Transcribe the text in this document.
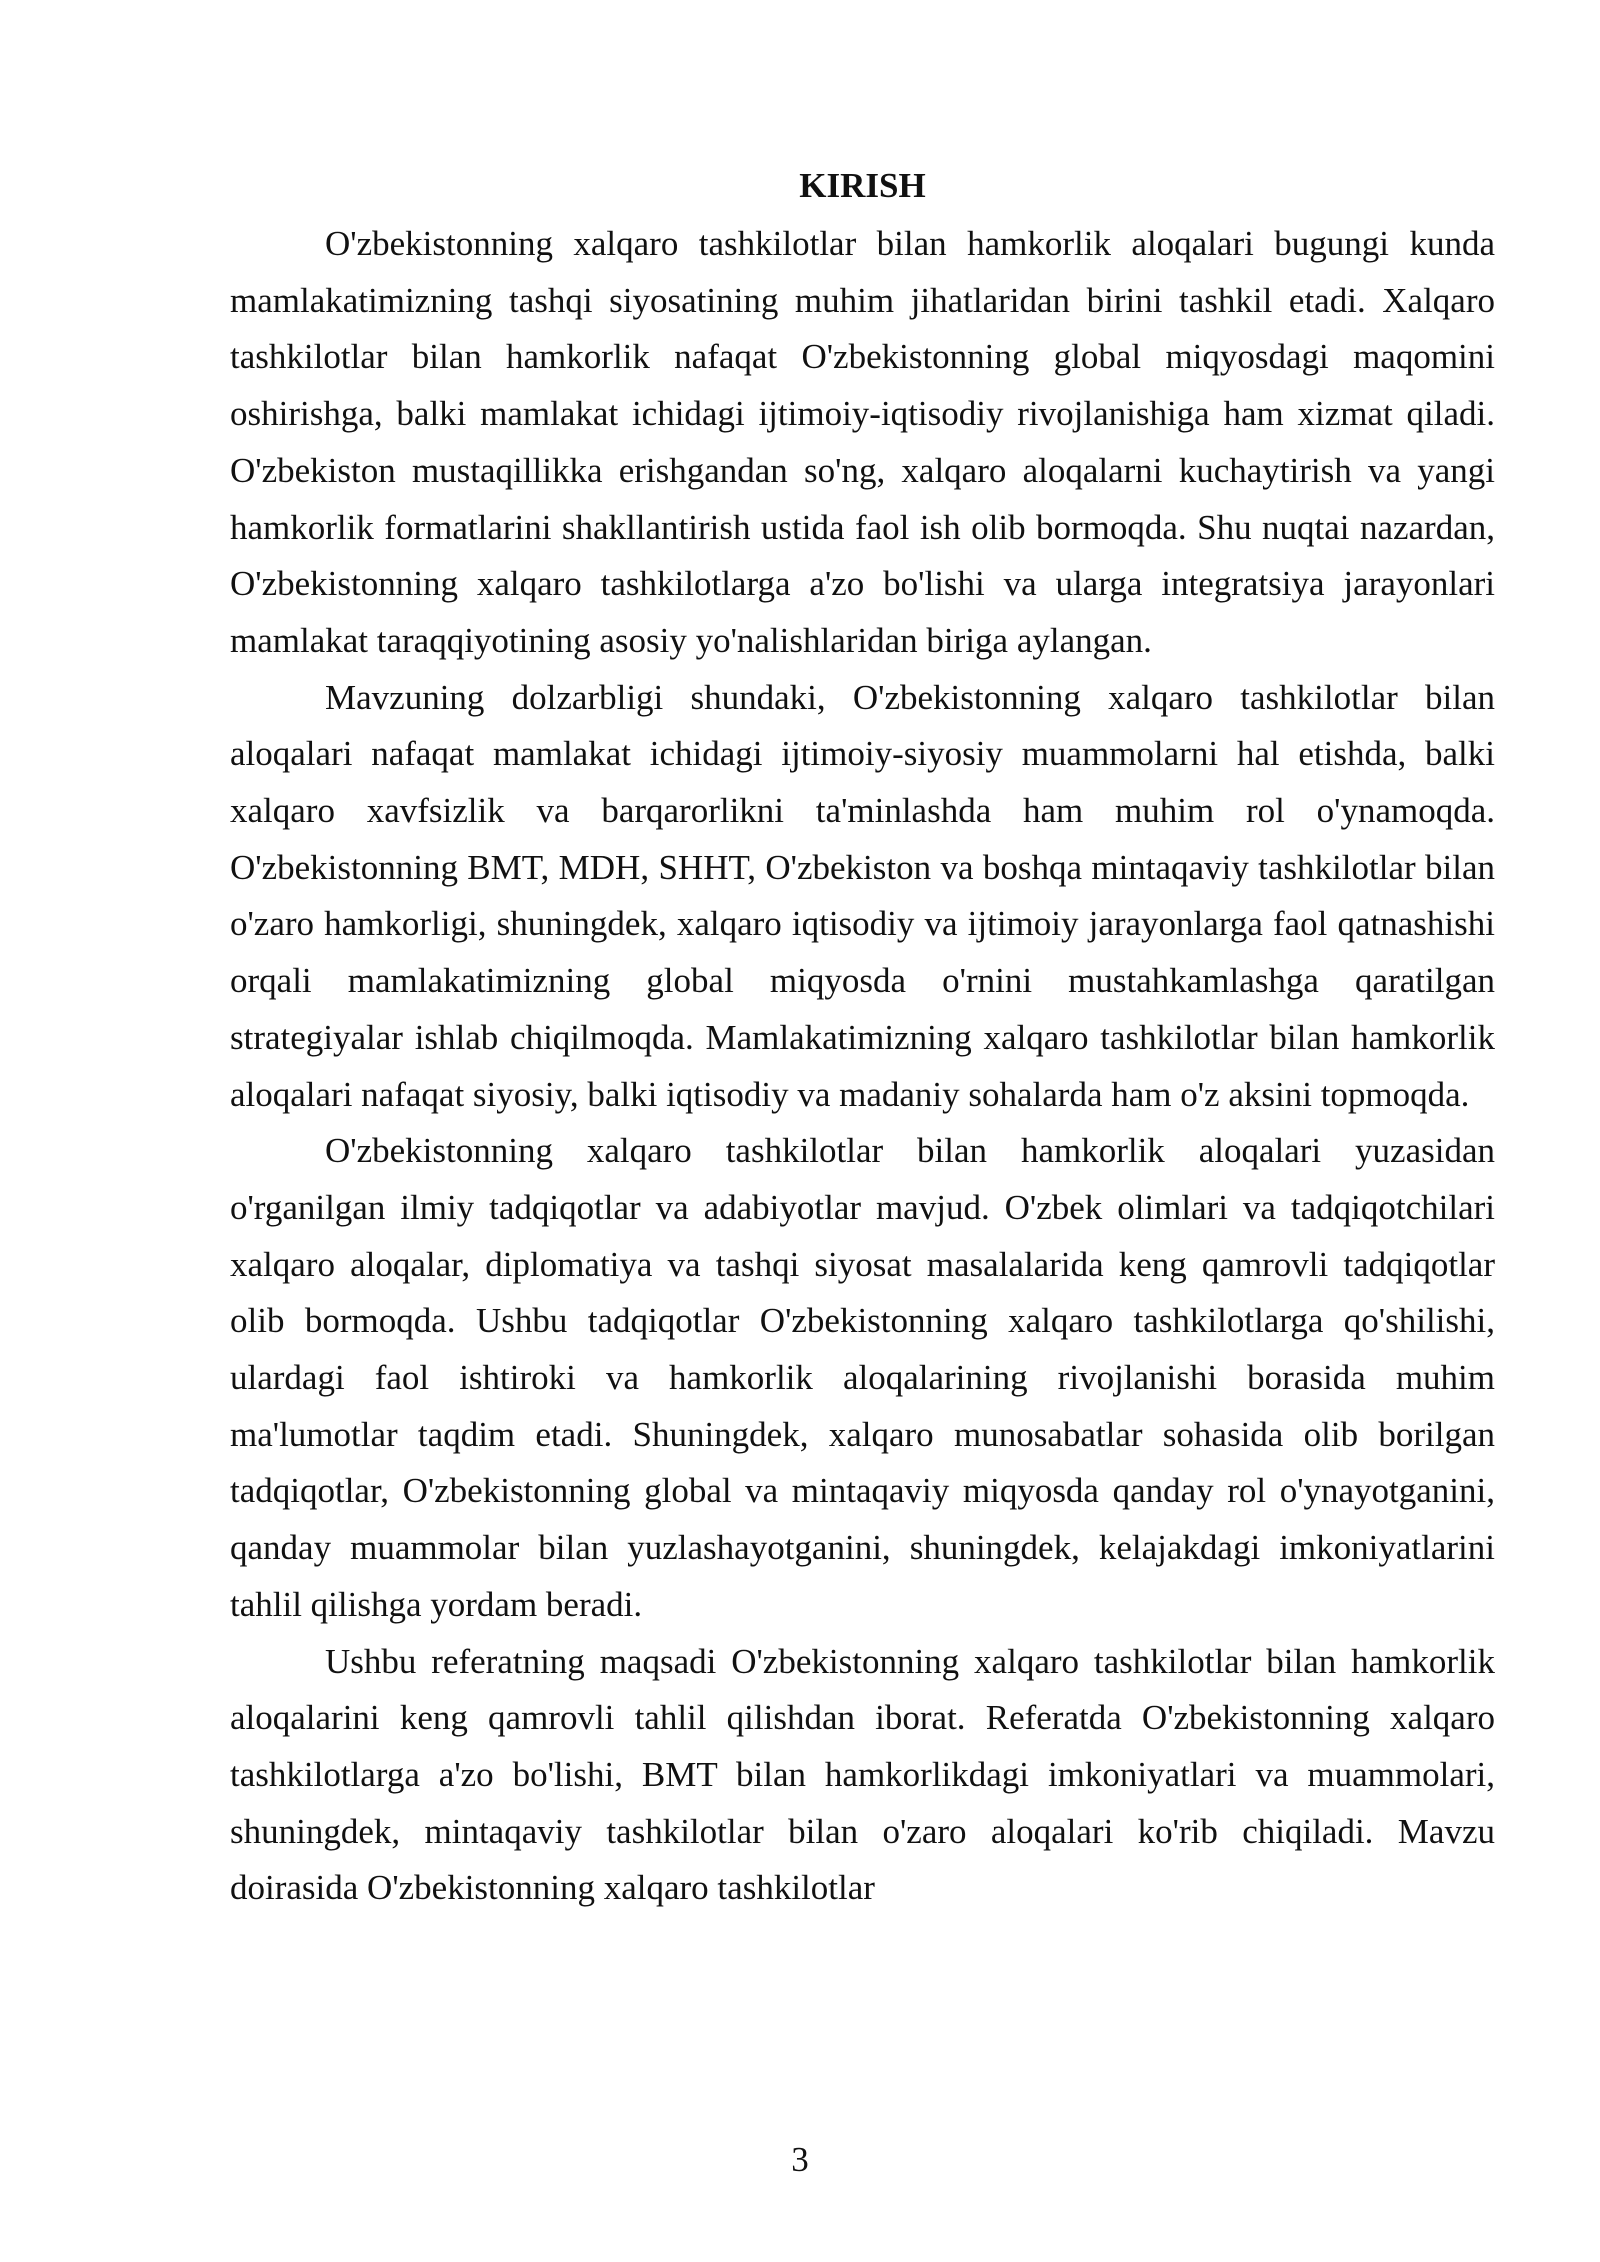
KIRISH

O'zbekistonning xalqaro tashkilotlar bilan hamkorlik aloqalari bugungi kunda mamlakatimizning tashqi siyosatining muhim jihatlaridan birini tashkil etadi. Xalqaro tashkilotlar bilan hamkorlik nafaqat O'zbekistonning global miqyosdagi maqomini oshirishga, balki mamlakat ichidagi ijtimoiy-iqtisodiy rivojlanishiga ham xizmat qiladi. O'zbekiston mustaqillikka erishgandan so'ng, xalqaro aloqalarni kuchaytirish va yangi hamkorlik formatlarini shakllantirish ustida faol ish olib bormoqda. Shu nuqtai nazardan, O'zbekistonning xalqaro tashkilotlarga a'zo bo'lishi va ularga integratsiya jarayonlari mamlakat taraqqiyotining asosiy yo'nalishlaridan biriga aylangan.

Mavzuning dolzarbligi shundaki, O'zbekistonning xalqaro tashkilotlar bilan aloqalari nafaqat mamlakat ichidagi ijtimoiy-siyosiy muammolarni hal etishda, balki xalqaro xavfsizlik va barqarorlikni ta'minlashda ham muhim rol o'ynamoqda. O'zbekistonning BMT, MDH, SHHT, O'zbekiston va boshqa mintaqaviy tashkilotlar bilan o'zaro hamkorligi, shuningdek, xalqaro iqtisodiy va ijtimoiy jarayonlarga faol qatnashishi orqali mamlakatimizning global miqyosda o'rnini mustahkamlashga qaratilgan strategiyalar ishlab chiqilmoqda. Mamlakatimizning xalqaro tashkilotlar bilan hamkorlik aloqalari nafaqat siyosiy, balki iqtisodiy va madaniy sohalarda ham o'z aksini topmoqda.

O'zbekistonning xalqaro tashkilotlar bilan hamkorlik aloqalari yuzasidan o'rganilgan ilmiy tadqiqotlar va adabiyotlar mavjud. O'zbek olimlari va tadqiqotchilari xalqaro aloqalar, diplomatiya va tashqi siyosat masalalarida keng qamrovli tadqiqotlar olib bormoqda. Ushbu tadqiqotlar O'zbekistonning xalqaro tashkilotlarga qo'shilishi, ulardagi faol ishtiroki va hamkorlik aloqalarining rivojlanishi borasida muhim ma'lumotlar taqdim etadi. Shuningdek, xalqaro munosabatlar sohasida olib borilgan tadqiqotlar, O'zbekistonning global va mintaqaviy miqyosda qanday rol o'ynayotganini, qanday muammolar bilan yuzlashayotganini, shuningdek, kelajakdagi imkoniyatlarini tahlil qilishga yordam beradi.

Ushbu referatning maqsadi O'zbekistonning xalqaro tashkilotlar bilan hamkorlik aloqalarini keng qamrovli tahlil qilishdan iborat. Referatda O'zbekistonning xalqaro tashkilotlarga a'zo bo'lishi, BMT bilan hamkorlikdagi imkoniyatlari va muammolari, shuningdek, mintaqaviy tashkilotlar bilan o'zaro aloqalari ko'rib chiqiladi. Mavzu doirasida O'zbekistonning xalqaro tashkilotlar

3
